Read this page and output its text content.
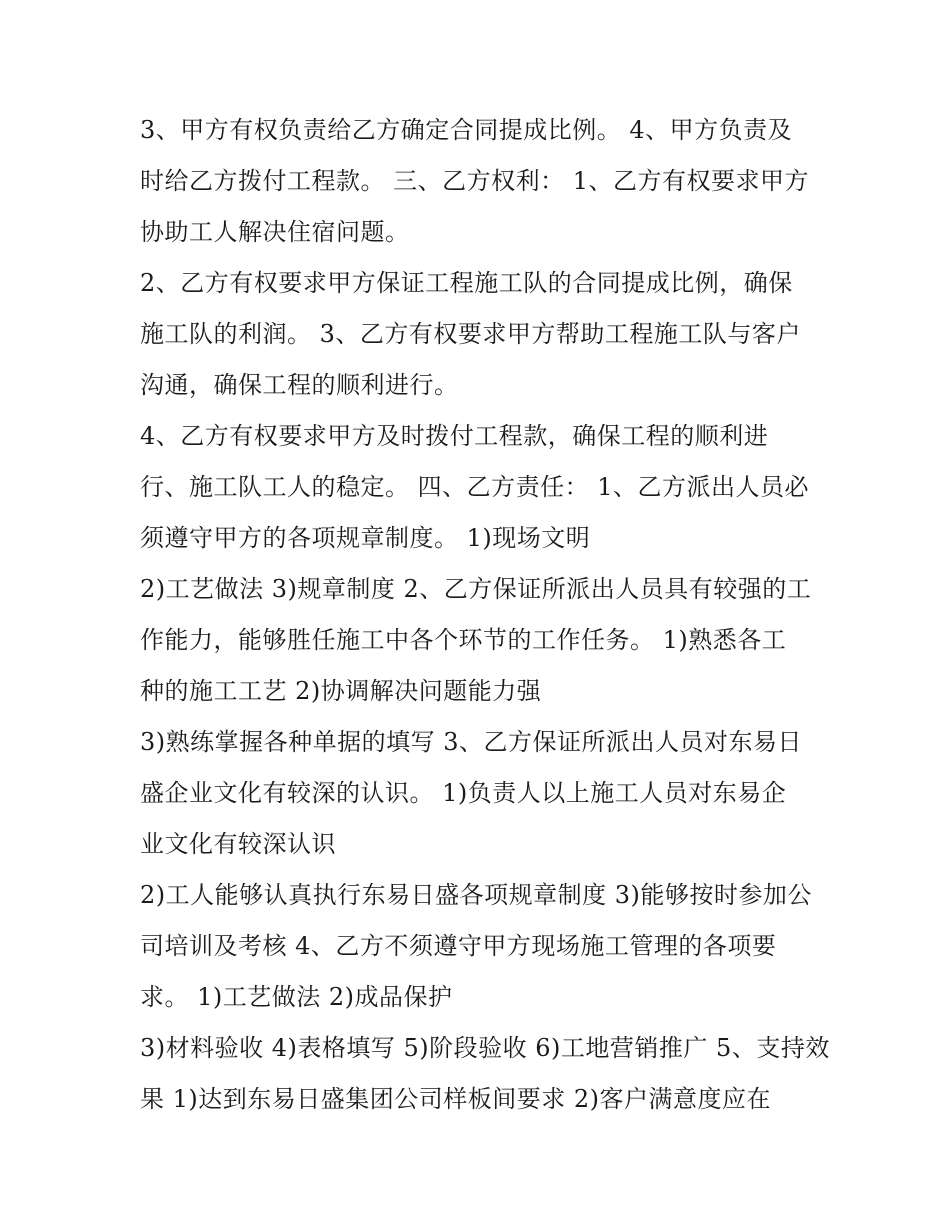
3、甲方有权负责给乙方确定合同提成比例。 4、甲方负责及

时给乙方拨付工程款。 三、乙方权利： 1、乙方有权要求甲方

协助工人解决住宿问题。

2、乙方有权要求甲方保证工程施工队的合同提成比例，确保

施工队的利润。 3、乙方有权要求甲方帮助工程施工队与客户

沟通，确保工程的顺利进行。

4、乙方有权要求甲方及时拨付工程款，确保工程的顺利进

行、施工队工人的稳定。 四、乙方责任： 1、乙方派出人员必

须遵守甲方的各项规章制度。 1)现场文明

2)工艺做法 3)规章制度 2、乙方保证所派出人员具有较强的工

作能力，能够胜任施工中各个环节的工作任务。 1)熟悉各工

种的施工工艺 2)协调解决问题能力强

3)熟练掌握各种单据的填写 3、乙方保证所派出人员对东易日

盛企业文化有较深的认识。 1)负责人以上施工人员对东易企

业文化有较深认识

2)工人能够认真执行东易日盛各项规章制度 3)能够按时参加公

司培训及考核 4、乙方不须遵守甲方现场施工管理的各项要

求。 1)工艺做法 2)成品保护

3)材料验收 4)表格填写 5)阶段验收 6)工地营销推广 5、支持效

果 1)达到东易日盛集团公司样板间要求 2)客户满意度应在
